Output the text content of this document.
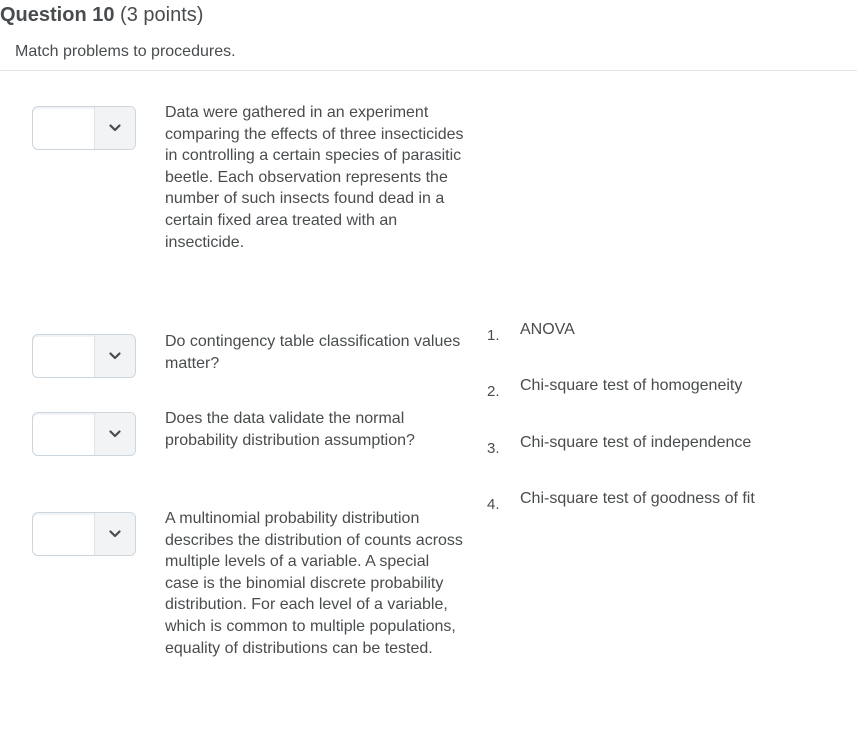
Question 10 (3 points)
Match problems to procedures.
Data were gathered in an experiment comparing the effects of three insecticides in controlling a certain species of parasitic beetle. Each observation represents the number of such insects found dead in a certain fixed area treated with an insecticide.
Do contingency table classification values matter?
Does the data validate the normal probability distribution assumption?
A multinomial probability distribution describes the distribution of counts across multiple levels of a variable. A special case is the binomial discrete probability distribution. For each level of a variable, which is common to multiple populations, equality of distributions can be tested.
1. ANOVA
2. Chi-square test of homogeneity
3. Chi-square test of independence
4. Chi-square test of goodness of fit
